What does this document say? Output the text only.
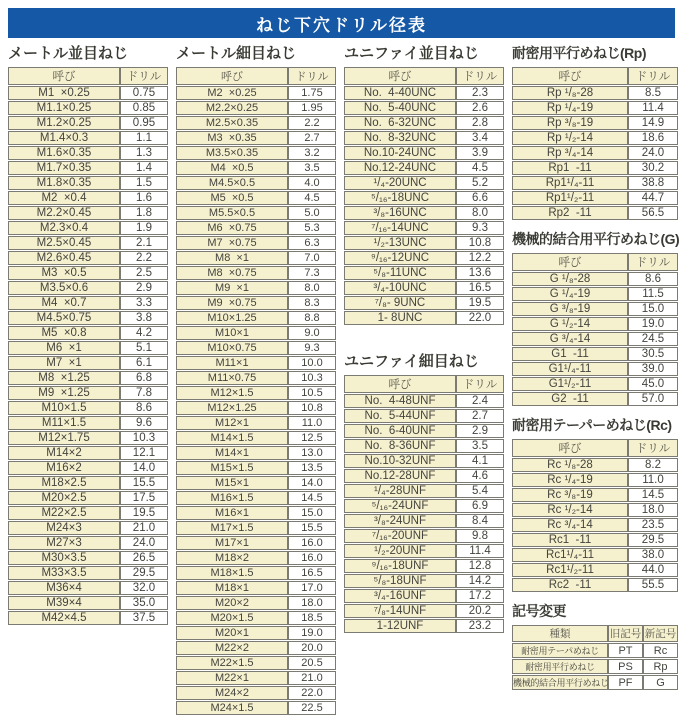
ねじ下穴ドリル径表
メートル並目ねじ
呼び	ドリル
M1  ×0.25	0.75
M1.1×0.25	0.85
M1.2×0.25	0.95
M1.4×0.3	1.1
M1.6×0.35	1.3
M1.7×0.35	1.4
M1.8×0.35	1.5
M2  ×0.4	1.6
M2.2×0.45	1.8
M2.3×0.4	1.9
M2.5×0.45	2.1
M2.6×0.45	2.2
M3  ×0.5	2.5
M3.5×0.6	2.9
M4  ×0.7	3.3
M4.5×0.75	3.8
M5  ×0.8	4.2
M6  ×1	5.1
M7  ×1	6.1
M8  ×1.25	6.8
M9  ×1.25	7.8
M10×1.5	8.6
M11×1.5	9.6
M12×1.75	10.3
M14×2	12.1
M16×2	14.0
M18×2.5	15.5
M20×2.5	17.5
M22×2.5	19.5
M24×3	21.0
M27×3	24.0
M30×3.5	26.5
M33×3.5	29.5
M36×4	32.0
M39×4	35.0
M42×4.5	37.5
メートル細目ねじ
呼び	ドリル
M2  ×0.25	1.75
M2.2×0.25	1.95
M2.5×0.35	2.2
M3  ×0.35	2.7
M3.5×0.35	3.2
M4  ×0.5	3.5
M4.5×0.5	4.0
M5  ×0.5	4.5
M5.5×0.5	5.0
M6  ×0.75	5.3
M7  ×0.75	6.3
M8  ×1	7.0
M8  ×0.75	7.3
M9  ×1	8.0
M9  ×0.75	8.3
M10×1.25	8.8
M10×1	9.0
M10×0.75	9.3
M11×1	10.0
M11×0.75	10.3
M12×1.5	10.5
M12×1.25	10.8
M12×1	11.0
M14×1.5	12.5
M14×1	13.0
M15×1.5	13.5
M15×1	14.0
M16×1.5	14.5
M16×1	15.0
M17×1.5	15.5
M17×1	16.0
M18×2	16.0
M18×1.5	16.5
M18×1	17.0
M20×2	18.0
M20×1.5	18.5
M20×1	19.0
M22×2	20.0
M22×1.5	20.5
M22×1	21.0
M24×2	22.0
M24×1.5	22.5
ユニファイ並目ねじ
呼び	ドリル
No.  4-40UNC	2.3
No.  5-40UNC	2.6
No.  6-32UNC	2.8
No.  8-32UNC	3.4
No.10-24UNC	3.9
No.12-24UNC	4.5
¹/₄-20UNC	5.2
⁵/₁₆-18UNC	6.6
³/₈-16UNC	8.0
⁷/₁₆-14UNC	9.3
¹/₂-13UNC	10.8
⁹/₁₆-12UNC	12.2
⁵/₈-11UNC	13.6
³/₄-10UNC	16.5
⁷/₈- 9UNC	19.5
1- 8UNC	22.0
ユニファイ細目ねじ
呼び	ドリル
No.  4-48UNF	2.4
No.  5-44UNF	2.7
No.  6-40UNF	2.9
No.  8-36UNF	3.5
No.10-32UNF	4.1
No.12-28UNF	4.6
¹/₄-28UNF	5.4
⁵/₁₆-24UNF	6.9
³/₈-24UNF	8.4
⁷/₁₆-20UNF	9.8
¹/₂-20UNF	11.4
⁹/₁₆-18UNF	12.8
⁵/₈-18UNF	14.2
³/₄-16UNF	17.2
⁷/₈-14UNF	20.2
1-12UNF	23.2
耐密用平行めねじ(Rp)
呼び	ドリル
Rp ¹/₈-28	8.5
Rp ¹/₄-19	11.4
Rp ³/₈-19	14.9
Rp ¹/₂-14	18.6
Rp ³/₄-14	24.0
Rp1  -11	30.2
Rp1¹/₄-11	38.8
Rp1¹/₂-11	44.7
Rp2  -11	56.5
機械的結合用平行めねじ(G)
呼び	ドリル
G ¹/₈-28	8.6
G ¹/₄-19	11.5
G ³/₈-19	15.0
G ¹/₂-14	19.0
G ³/₄-14	24.5
G1  -11	30.5
G1¹/₄-11	39.0
G1¹/₂-11	45.0
G2  -11	57.0
耐密用テーパーめねじ(Rc)
呼び	ドリル
Rc ¹/₈-28	8.2
Rc ¹/₄-19	11.0
Rc ³/₈-19	14.5
Rc ¹/₂-14	18.0
Rc ³/₄-14	23.5
Rc1  -11	29.5
Rc1¹/₄-11	38.0
Rc1¹/₂-11	44.0
Rc2  -11	55.5
記号変更
種類	旧記号	新記号
耐密用テーパめねじ	PT	Rc
耐密用平行めねじ	PS	Rp
機械的結合用平行めねじ	PF	G
